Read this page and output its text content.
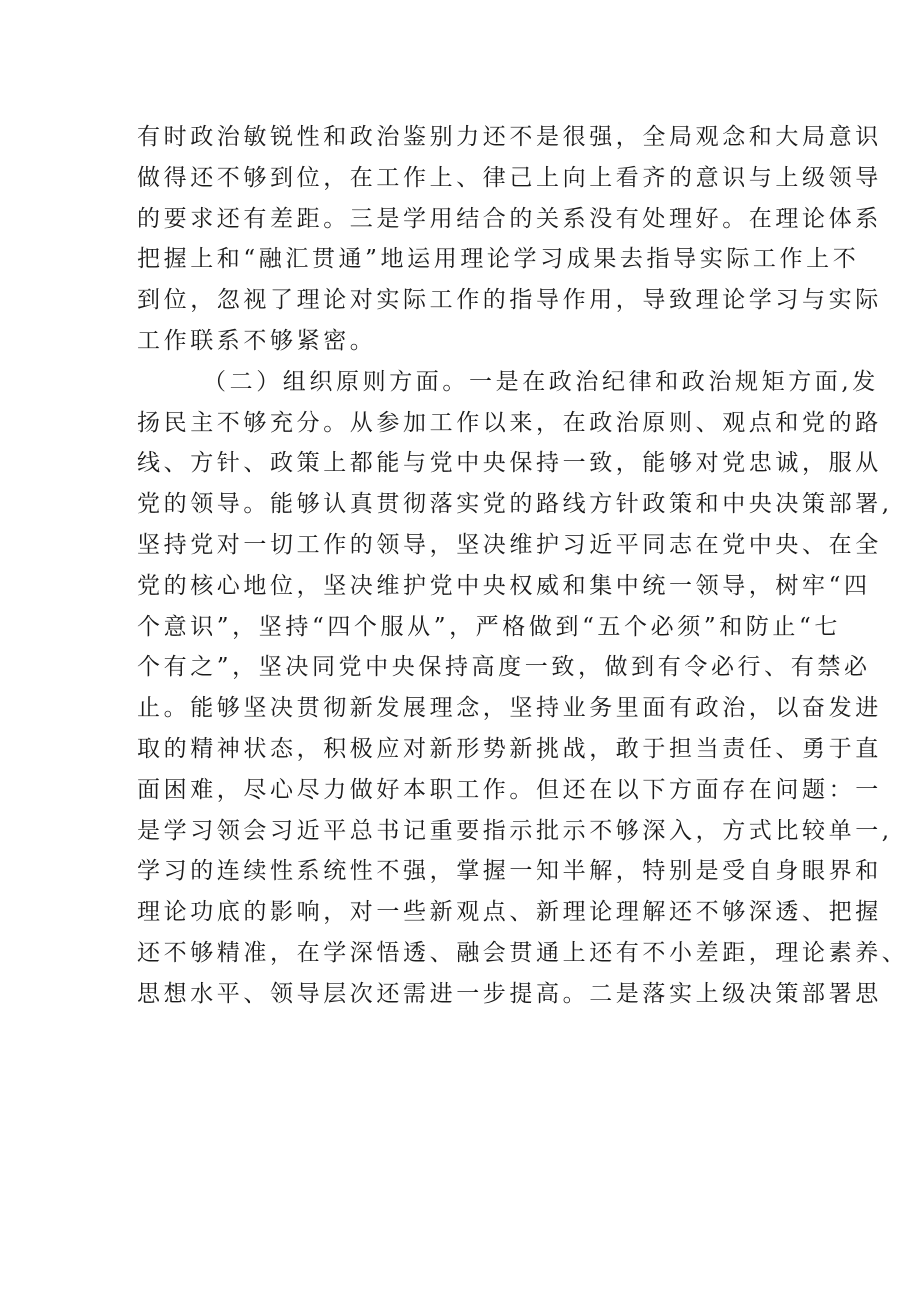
有时政治敏锐性和政治鉴别力还不是很强，全局观念和大局意识
做得还不够到位，在工作上、律己上向上看齐的意识与上级领导
的要求还有差距。三是学用结合的关系没有处理好。在理论体系
把握上和“融汇贯通”地运用理论学习成果去指导实际工作上不
到位，忽视了理论对实际工作的指导作用，导致理论学习与实际
工作联系不够紧密。
（二）组织原则方面。一是在政治纪律和政治规矩方面,发
扬民主不够充分。从参加工作以来，在政治原则、观点和党的路
线、方针、政策上都能与党中央保持一致，能够对党忠诚，服从
党的领导。能够认真贯彻落实党的路线方针政策和中央决策部署,
坚持党对一切工作的领导，坚决维护习近平同志在党中央、在全
党的核心地位，坚决维护党中央权威和集中统一领导，树牢“四
个意识”，坚持“四个服从”，严格做到“五个必须”和防止“七
个有之”，坚决同党中央保持高度一致，做到有令必行、有禁必
止。能够坚决贯彻新发展理念，坚持业务里面有政治，以奋发进
取的精神状态，积极应对新形势新挑战，敢于担当责任、勇于直
面困难，尽心尽力做好本职工作。但还在以下方面存在问题：一
是学习领会习近平总书记重要指示批示不够深入，方式比较单一,
学习的连续性系统性不强，掌握一知半解，特别是受自身眼界和
理论功底的影响，对一些新观点、新理论理解还不够深透、把握
还不够精准，在学深悟透、融会贯通上还有不小差距，理论素养、
思想水平、领导层次还需进一步提高。二是落实上级决策部署思
